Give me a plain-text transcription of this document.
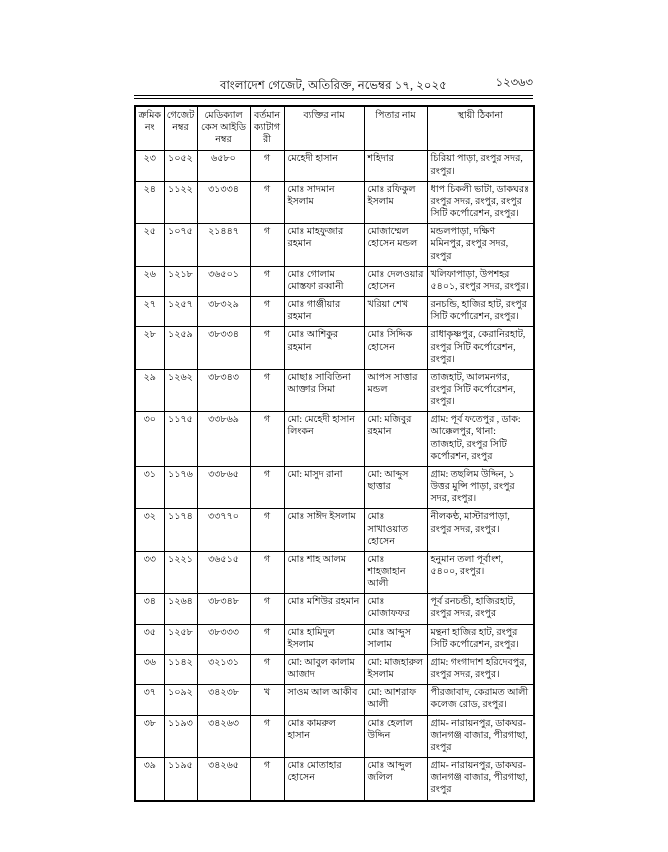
বাংলাদেশ গেজেট, অতিরিক্ত, নভেম্বর ১৭, ২০২৫	১২৩৬৩
ক্রমিক নং	গেজেট নম্বর	মেডিক্যাল কেস আইডি নম্বর	বর্তমান ক্যাটাগরী	ব্যক্তির নাম	পিতার নাম	স্থায়ী ঠিকানা
২৩	১০৫২	৬৫৮০	গ	মেহেদী হাসান	শহিদার	চিরিয়া পাড়া, রংপুর সদর, রংপুর।
২৪	১১২২	৩১৩৩৪	গ	মোঃ সাদমান ইসলাম	মোঃ রফিকুল ইসলাম	ধাপ চিকলী ভাটা, ডাকঘরঃ রংপুর সদর, রংপুর, রংপুর সিটি কর্পোরেশন, রংপুর।
২৫	১০৭৫	২১৪৪৭	গ	মোঃ মাহফুজার রহমান	মোজাম্মেল হোসেন মন্ডল	মন্ডলপাড়া, দক্ষিণ মমিনপুর, রংপুর সদর, রংপুর
২৬	১২১৮	৩৬৫০১	গ	মোঃ গোলাম মোস্তফা রব্বানী	মোঃ দেলওয়ার হোসেন	খলিফাপাড়া, উপশহর ৫৪০১, রংপুর সদর, রংপুর।
২৭	১২৫৭	৩৮৩২৯	গ	মোঃ গাঞ্জীয়ার রহমান	খরিয়া শেখ	রনচন্ডি, হাজির হাট, রংপুর সিটি কর্পোরেশন, রংপুর।
২৮	১২৫৯	৩৮৩৩৪	গ	মোঃ আশিকুর রহমান	মোঃ সিদ্দিক হোসেন	রাধাকৃষ্ণপুর, কেরানিরহাট, রংপুর সিটি কর্পোরেশন, রংপুর।
২৯	১২৬২	৩৮৩৪৩	গ	মোছাঃ সাবিতিনা আক্তার সিমা	আপস সাত্তার মন্ডল	তাজহাট, আলমনগর, রংপুর সিটি কর্পোরেশন, রংপুর।
৩০	১১৭৫	৩৩৮৬৯	গ	মো: মেহেদী হাসান লিংকন	মো: মজিবুর রহমান	গ্রাম: পূর্ব ফতেপুর , ডাক: আক্কেলপুর, থানা: তাজহাট, রংপুর সিটি কর্পোরশন, রংপুর
৩১	১১৭৬	৩৩৮৬৫	গ	মো: মাসুদ রানা	মো: আব্দুস ছাত্তার	গ্রাম: তছলিম উদ্দিন, ১ উত্তর মুন্সি পাড়া, রংপুর সদর, রংপুর।
৩২	১১৭৪	৩৩৭৭০	গ	মোঃ সাঈদ ইসলাম	মোঃ সাখাওয়াত হোসেন	নীলকণ্ঠ, মাস্টারপাড়া, রংপুর সদর, রংপুর।
৩৩	১২২১	৩৬৫১৫	গ	মোঃ শাহ আলম	মোঃ শাহজাহান আলী	হনুমান তলা পূর্বাংশ, ৫৪০০, রংপুর।
৩৪	১২৬৪	৩৮৩৪৮	গ	মোঃ মশিউর রহমান	মোঃ মোজাফফর	পূর্ব রনচন্ডী, হাজিরহাট, রংপুর সদর, রংপুর
৩৫	১২৫৮	৩৮৩৩৩	গ	মোঃ হামিদুল ইসলাম	মোঃ আব্দুস সালাম	মন্থনা হাজির হাট, রংপুর সিটি কর্পোরেশন, রংপুর।
৩৬	১১৪২	৩২১৩১	গ	মো: আবুল কালাম আজাদ	মো: মাজহারুল ইসলাম	গ্রাম: গংগাদাশ হরিদেবপুর, রংপুর সদর, রংপুর।
৩৭	১০৯২	৩৪২৩৮	খ	সাওম আল আকীব	মো: আশরাফ আলী	পীরজাবাদ, কেরামত আলী কলেজ রোড, রংপুর।
৩৮	১১৯৩	৩৪২৬৩	গ	মোঃ কামরুল হাসান	মোঃ হেলাল উদ্দিন	গ্রাম- নারায়নপুর, ডাকঘর- জানগঞ্জ বাজার, পীরগাছা, রংপুর
৩৯	১১৯৫	৩৪২৬৫	গ	মোঃ মোতাহার হোসেন	মোঃ আব্দুল জলিল	গ্রাম- নারায়নপুর, ডাকঘর- জানগঞ্জ বাজার, পীরগাছা, রংপুর
